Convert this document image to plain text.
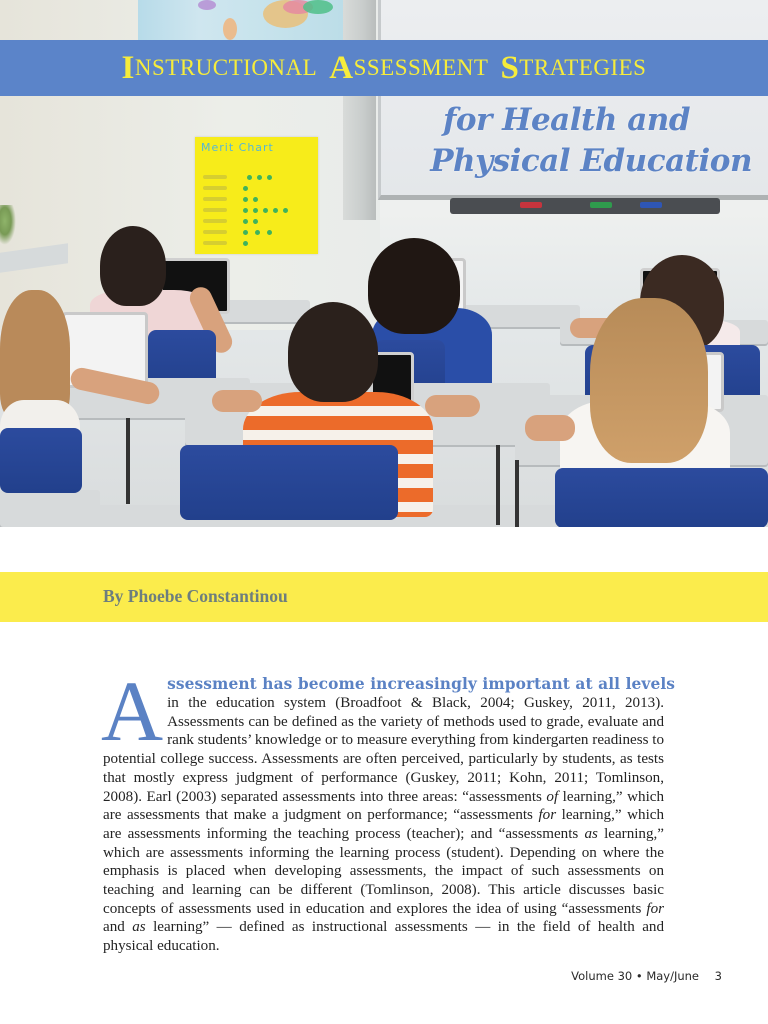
Merit Chart
I NSTRUCTIONAL
A SSESSMENT
S TRATEGIES
for Health and
Physical Education
By Phoebe Constantinou
A ssessment has become increasingly important at all levels

in the education system (Broadfoot & Black, 2004; Guskey, 2011, 2013). Assessments can be defined as the variety of methods used to grade, evaluate and rank students’ knowledge or to measure everything from kindergarten readiness to potential college success. Assessments are often perceived, particularly by students, as tests that mostly express judgment of performance (Guskey, 2011; Kohn, 2011; Tomlinson, 2008). Earl (2003) separated assessments into three areas: “assessments of learning,” which are assessments that make a judgment on performance; “assessments for learning,” which are assessments informing the teaching process (teacher); and “assessments as learning,” which are assessments informing the learning process (student). Depending on where the emphasis is placed when developing assessments, the impact of such assessments on teaching and learning can be different (Tomlinson, 2008). This article discusses basic concepts of assessments used in education and explores the idea of using “assessments for and as learning” — defined as instructional assessments — in the field of health and physical education.

Volume 30 • May/June 3
